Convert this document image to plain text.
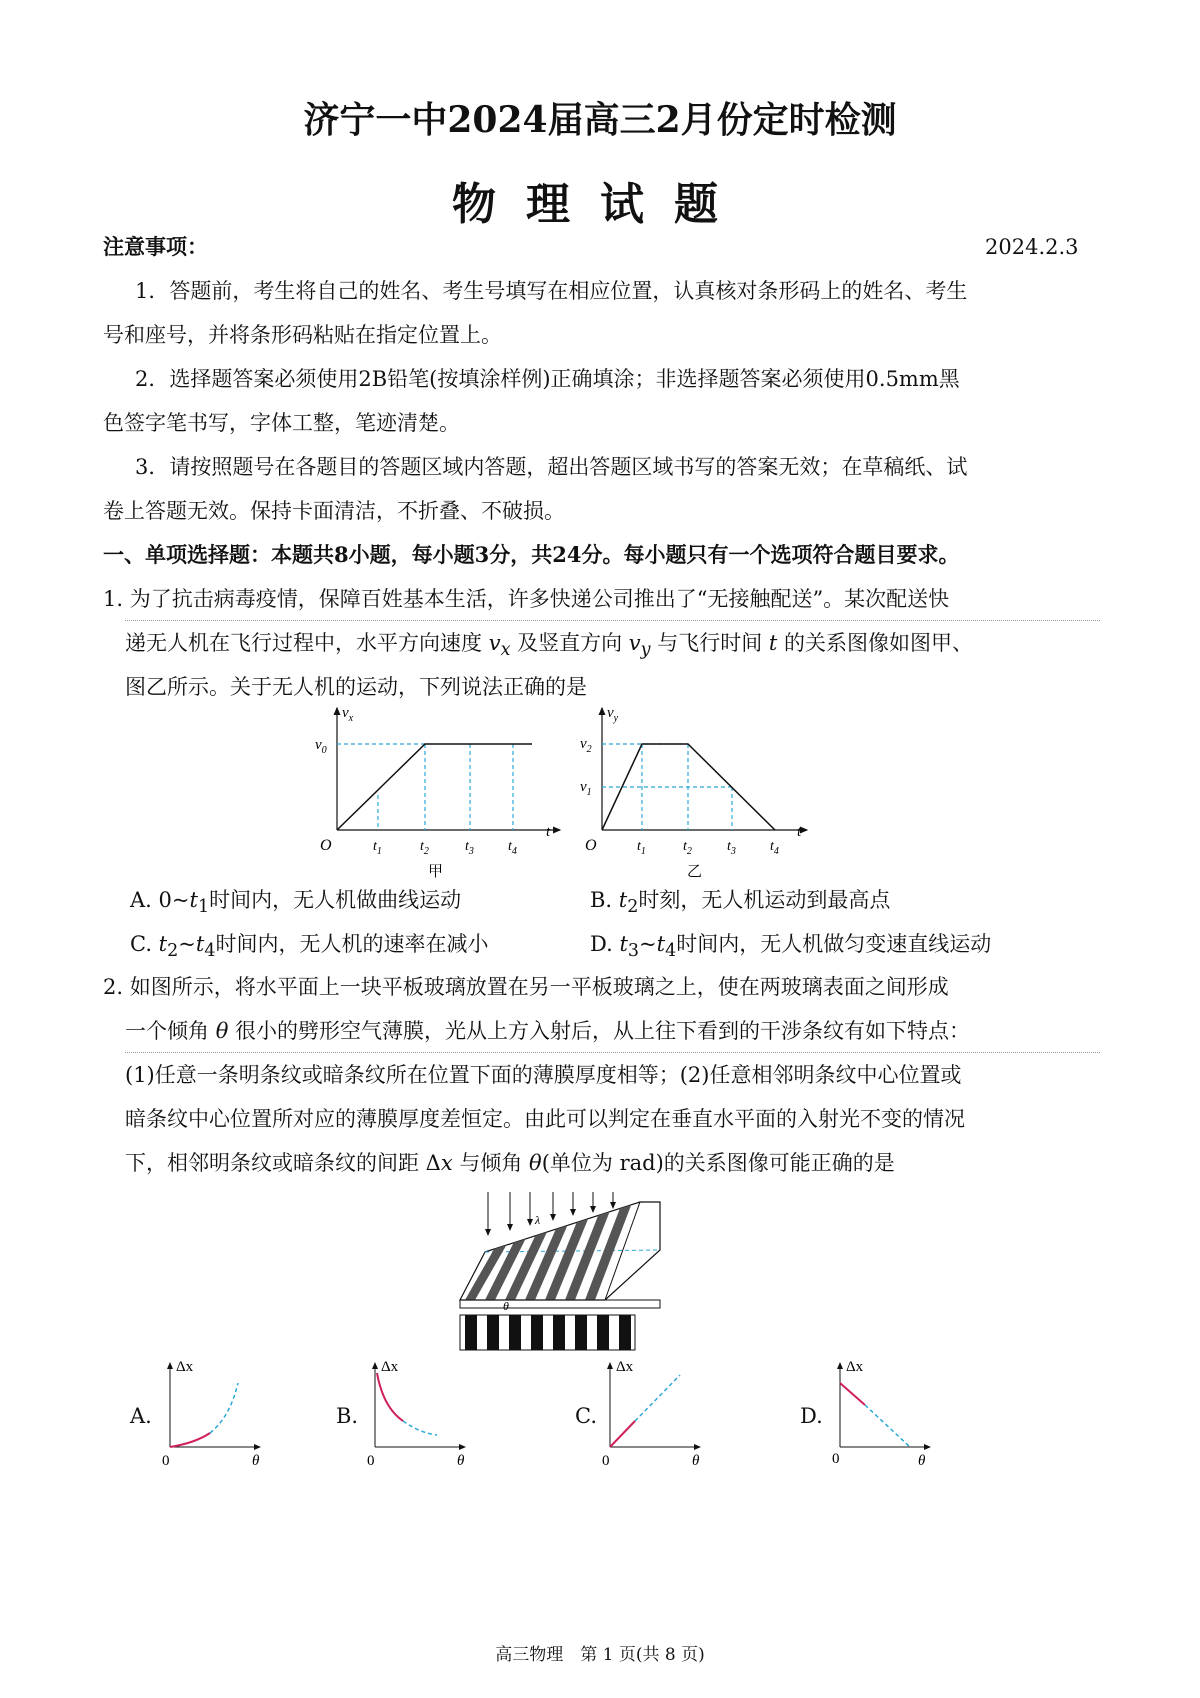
济宁一中2024届高三2月份定时检测
物理试题
注意事项：	2024.2.3
1．答题前，考生将自己的姓名、考生号填写在相应位置，认真核对条形码上的姓名、考生
号和座号，并将条形码粘贴在指定位置上。
2．选择题答案必须使用2B铅笔(按填涂样例)正确填涂；非选择题答案必须使用0.5mm黑
色签字笔书写，字体工整，笔迹清楚。
3．请按照题号在各题目的答题区域内答题，超出答题区域书写的答案无效；在草稿纸、试
卷上答题无效。保持卡面清洁，不折叠、不破损。
一、单项选择题：本题共8小题，每小题3分，共24分。每小题只有一个选项符合题目要求。
1. 为了抗击病毒疫情，保障百姓基本生活，许多快递公司推出了“无接触配送”。某次配送快
递无人机在飞行过程中，水平方向速度 $v_x$ 及竖直方向 $v_y$ 与飞行时间 t 的关系图像如图甲、
图乙所示。关于无人机的运动，下列说法正确的是
$v_x$
$v_0$
O	$t_1$	$t_2$	$t_3$ $t_4$
t
甲
$v_y$
$v_2$
$v_1$
O	$t_1$	$t_2$	$t_3$ $t_4$
t
乙
A. $0\sim t_1$时间内，无人机做曲线运动	B. $t_2$时刻，无人机运动到最高点
C. $t_2\sim t_4$时间内，无人机的速率在减小	D. $t_3\sim t_4$时间内，无人机做匀变速直线运动
2. 如图所示，将水平面上一块平板玻璃放置在另一平板玻璃之上，使在两玻璃表面之间形成
一个倾角 θ 很小的劈形空气薄膜，光从上方入射后，从上往下看到的干涉条纹有如下特点：
(1)任意一条明条纹或暗条纹所在位置下面的薄膜厚度相等；(2)任意相邻明条纹中心位置或
暗条纹中心位置所对应的薄膜厚度差恒定。由此可以判定在垂直水平面的入射光不变的情况
下，相邻明条纹或暗条纹的间距 Δx 与倾角 θ(单位为 rad)的关系图像可能正确的是
λ
θ
A.
Δx
0	θ
B.
Δx
0	θ
C.
Δx
0	θ
D.
Δx
0	θ
高三物理　第 1 页(共 8 页)
